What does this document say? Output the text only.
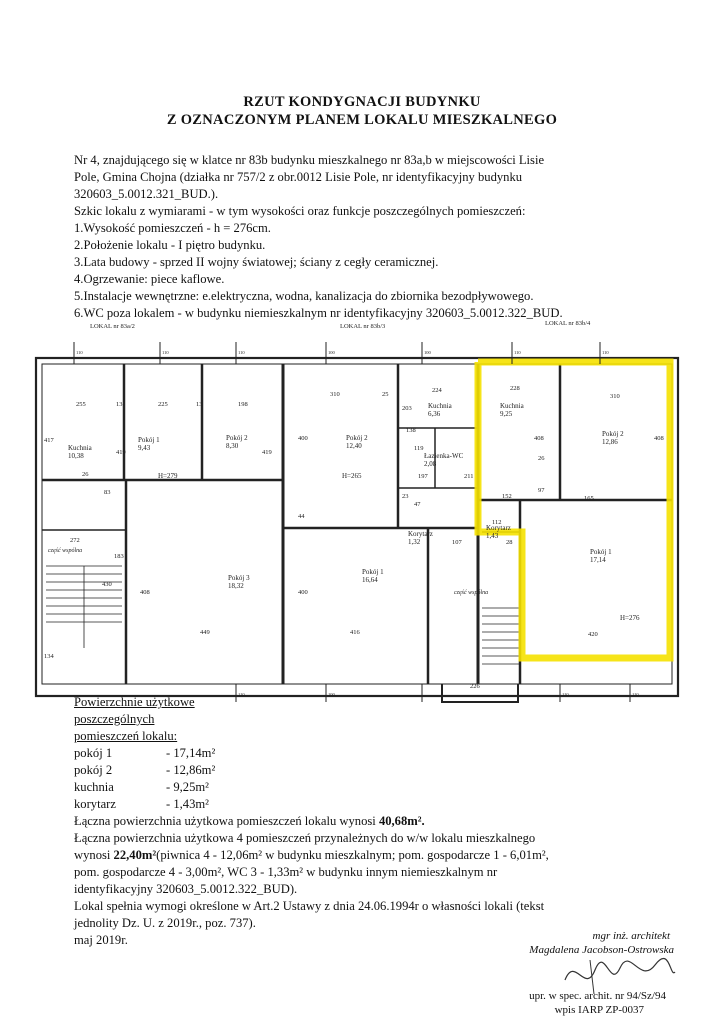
RZUT KONDYGNACJI BUDYNKU
Z OZNACZONYM PLANEM LOKALU MIESZKALNEGO
Nr 4, znajdującego się w klatce nr 83b budynku mieszkalnego nr 83a,b w miejscowości Lisie
Pole, Gmina Chojna (działka nr 757/2 z obr.0012 Lisie Pole, nr identyfikacyjny budynku
320603_5.0012.321_BUD.).
Szkic lokalu z wymiarami - w tym wysokości oraz funkcje poszczególnych pomieszczeń:
1.Wysokość pomieszczeń - h = 276cm.
2.Położenie lokalu - I piętro budynku.
3.Lata budowy - sprzed II wojny światowej; ściany z cegły ceramicznej.
4.Ogrzewanie: piece kaflowe.
5.Instalacje wewnętrzne: e.elektryczna, wodna, kanalizacja do zbiornika bezodpływowego.
6.WC poza lokalem - w budynku niemieszkalnym nr identyfikacyjny 320603_5.0012.322_BUD.
LOKAL nr 83a/2	LOKAL nr 83b/3	LOKAL nr 83b/4
110	110	110	100	100	110	110
110	100	110	110
Kuchnia
10,38
Pokój 1
9,43
Pokój 2
8,30
Pokój 3
18,32
Pokój 2
12,40
Kuchnia
6,36
Łazienka-WC
2,08
Korytarz
1,32
Pokój 1
16,64
Kuchnia
9,25
Pokój 2
12,86
Korytarz
1,43
Pokój 1
17,14
H=279	H=265
H=276
część wspólna
część wspólna
255	13	225	13	198
417
419	419
26
83
272
183
430
134
408
449
310	25
400
44
400
416
224
203
138
119
197
23
47
211
228
310
408	408
26
152
97
165
112
107	28
420
226
Powierzchnie użytkowe
poszczególnych
pomieszczeń lokalu:
pokój 1	- 17,14m²
pokój 2	- 12,86m²
kuchnia	- 9,25m²
korytarz	- 1,43m²
Łączna powierzchnia użytkowa pomieszczeń lokalu wynosi 40,68m².
Łączna powierzchnia użytkowa 4 pomieszczeń przynależnych do w/w lokalu mieszkalnego
wynosi 22,40m²(piwnica 4 - 12,06m² w budynku mieszkalnym; pom. gospodarcze 1 - 6,01m²,
pom. gospodarcze 4 - 3,00m², WC 3 - 1,33m² w budynku innym niemieszkalnym nr
identyfikacyjny 320603_5.0012.322_BUD).
Lokal spełnia wymogi określone w Art.2 Ustawy z dnia 24.06.1994r o własności lokali (tekst
jednolity Dz. U. z 2019r., poz. 737).
maj 2019r.	mgr inż. architekt
Magdalena Jacobson-Ostrowska
upr. w spec. archit. nr 94/Sz/94
wpis IARP ZP-0037
